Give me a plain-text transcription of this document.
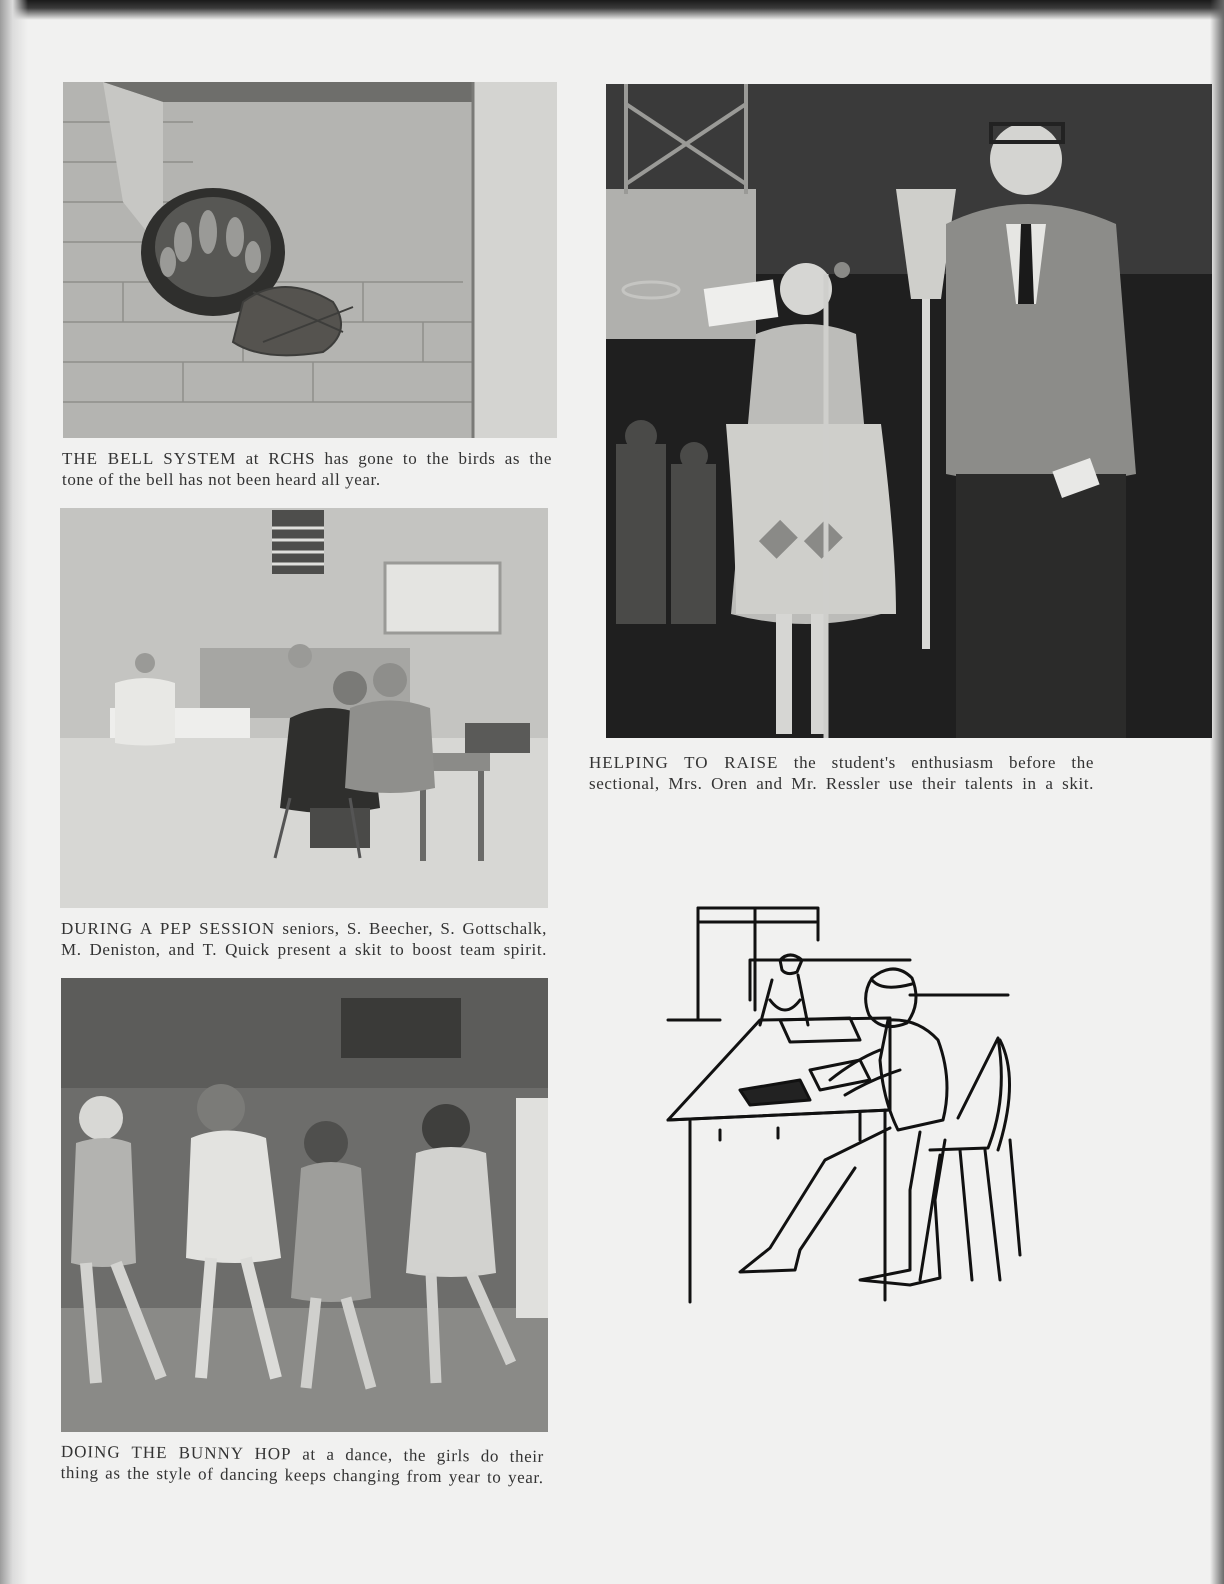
THE BELL SYSTEM at RCHS has gone to the birds as the
tone of the bell has not been heard all year.

HELPING TO RAISE the student's enthusiasm before the
sectional, Mrs. Oren and Mr. Ressler use their talents in a skit.

DURING A PEP SESSION seniors, S. Beecher, S. Gottschalk,
M. Deniston, and T. Quick present a skit to boost team spirit.

DOING THE BUNNY HOP at a dance, the girls do their
thing as the style of dancing keeps changing from year to year.
